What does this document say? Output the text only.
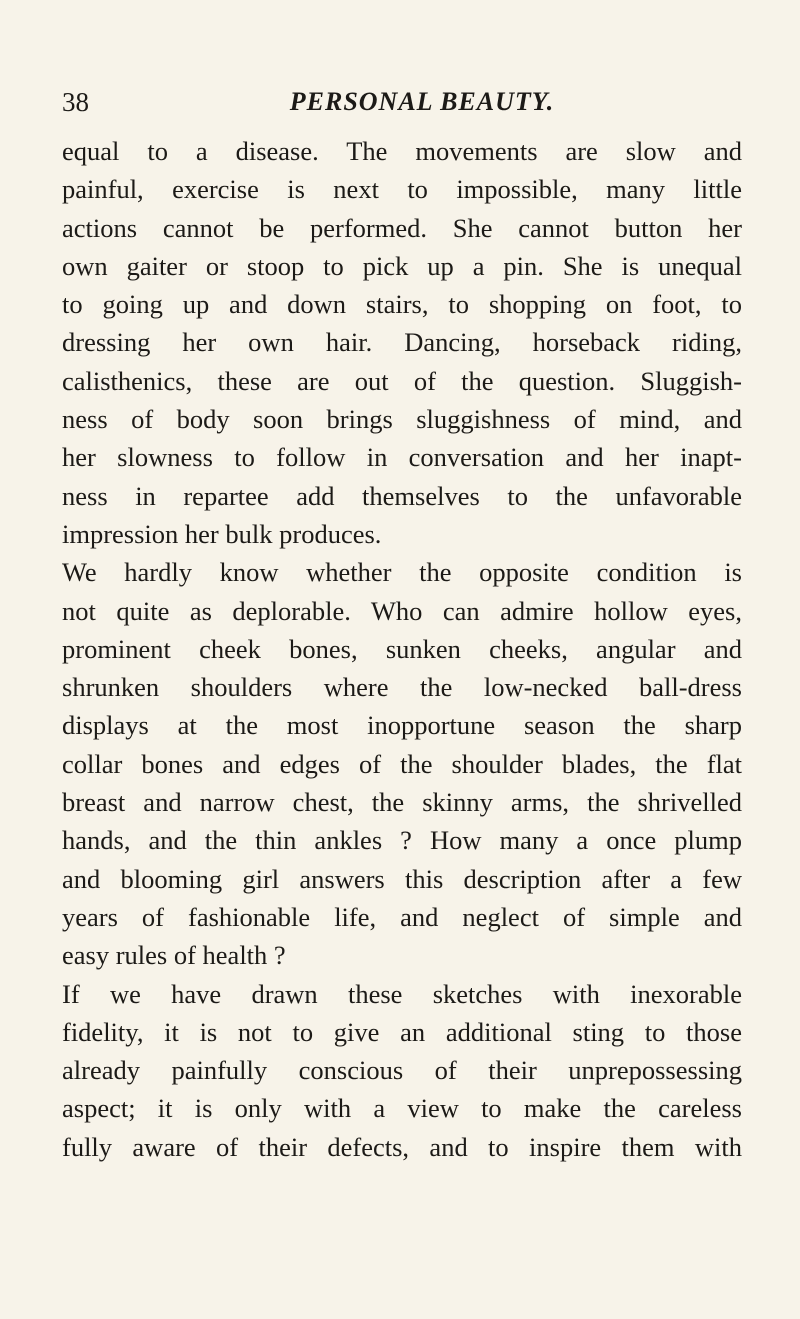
38	PERSONAL BEAUTY.
equal to a disease. The movements are slow and
painful, exercise is next to impossible, many little
actions cannot be performed. She cannot button her
own gaiter or stoop to pick up a pin. She is unequal
to going up and down stairs, to shopping on foot, to
dressing her own hair. Dancing, horseback riding,
calisthenics, these are out of the question. Sluggish-
ness of body soon brings sluggishness of mind, and
her slowness to follow in conversation and her inapt-
ness in repartee add themselves to the unfavorable
impression her bulk produces.
We hardly know whether the opposite condition is
not quite as deplorable. Who can admire hollow eyes,
prominent cheek bones, sunken cheeks, angular and
shrunken shoulders where the low-necked ball-dress
displays at the most inopportune season the sharp
collar bones and edges of the shoulder blades, the flat
breast and narrow chest, the skinny arms, the shrivelled
hands, and the thin ankles ? How many a once plump
and blooming girl answers this description after a few
years of fashionable life, and neglect of simple and
easy rules of health ?
If we have drawn these sketches with inexorable
fidelity, it is not to give an additional sting to those
already painfully conscious of their unprepossessing
aspect; it is only with a view to make the careless
fully aware of their defects, and to inspire them with
